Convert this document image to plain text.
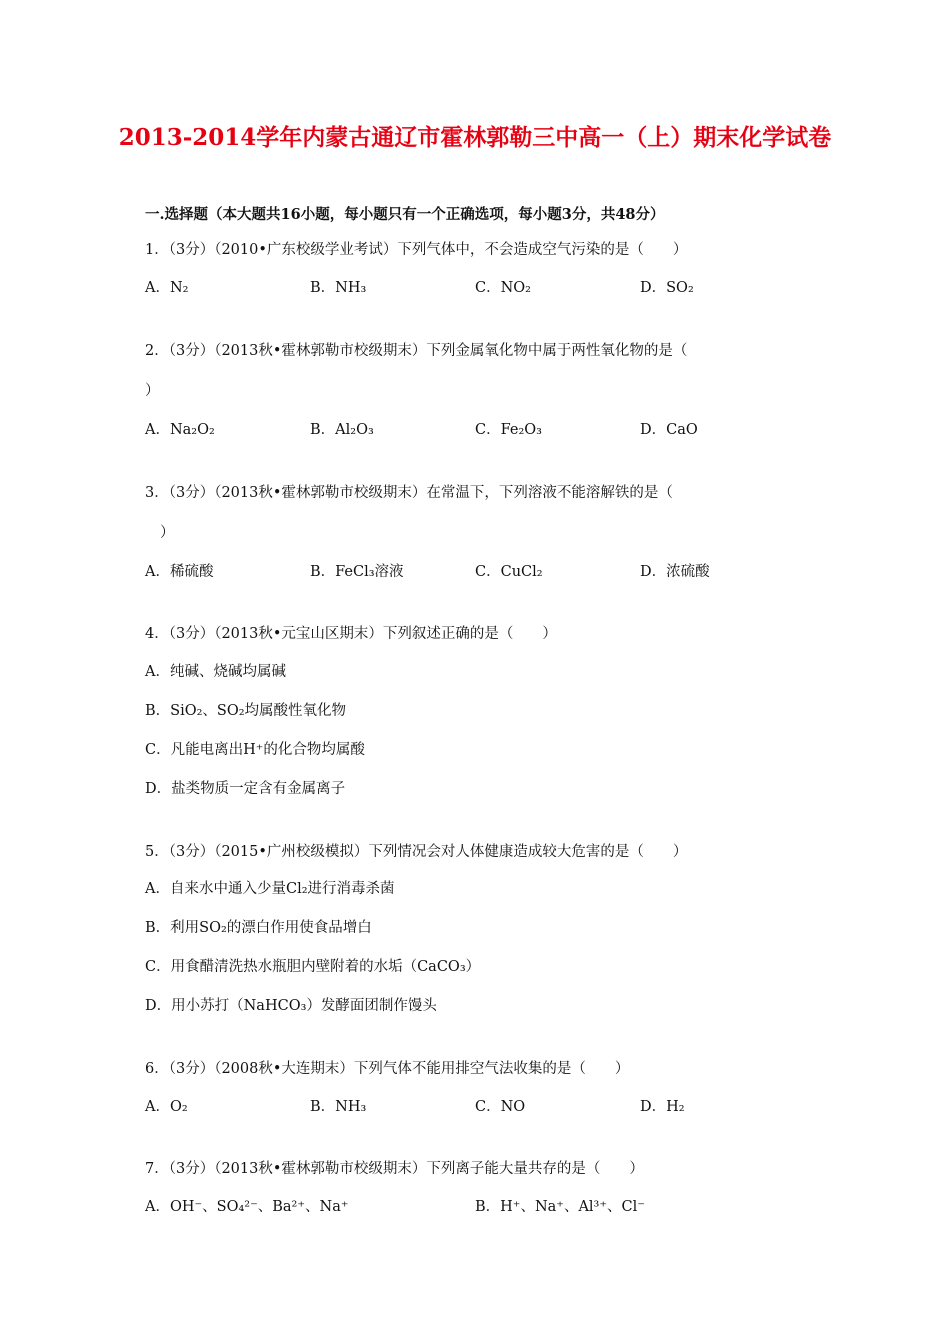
2013-2014学年内蒙古通辽市霍林郭勒三中高一（上）期末化学试卷
一.选择题（本大题共16小题，每小题只有一个正确选项，每小题3分，共48分）
1．（3分）（2010•广东校级学业考试）下列气体中，不会造成空气污染的是（　　）
A．N₂	B．NH₃	C．NO₂	D．SO₂
2．（3分）（2013秋•霍林郭勒市校级期末）下列金属氧化物中属于两性氧化物的是（
）
A．Na₂O₂	B．Al₂O₃	C．Fe₂O₃	D．CaO
3．（3分）（2013秋•霍林郭勒市校级期末）在常温下，下列溶液不能溶解铁的是（
）
A．稀硫酸	B．FeCl₃溶液	C．CuCl₂	D．浓硫酸
4．（3分）（2013秋•元宝山区期末）下列叙述正确的是（　　）
A．纯碱、烧碱均属碱
B．SiO₂、SO₂均属酸性氧化物
C．凡能电离出H⁺的化合物均属酸
D．盐类物质一定含有金属离子
5．（3分）（2015•广州校级模拟）下列情况会对人体健康造成较大危害的是（　　）
A．自来水中通入少量Cl₂进行消毒杀菌
B．利用SO₂的漂白作用使食品增白
C．用食醋清洗热水瓶胆内壁附着的水垢（CaCO₃）
D．用小苏打（NaHCO₃）发酵面团制作馒头
6．（3分）（2008秋•大连期末）下列气体不能用排空气法收集的是（　　）
A．O₂	B．NH₃	C．NO	D．H₂
7．（3分）（2013秋•霍林郭勒市校级期末）下列离子能大量共存的是（　　）
A．OH⁻、SO₄²⁻、Ba²⁺、Na⁺	B．H⁺、Na⁺、Al³⁺、Cl⁻
